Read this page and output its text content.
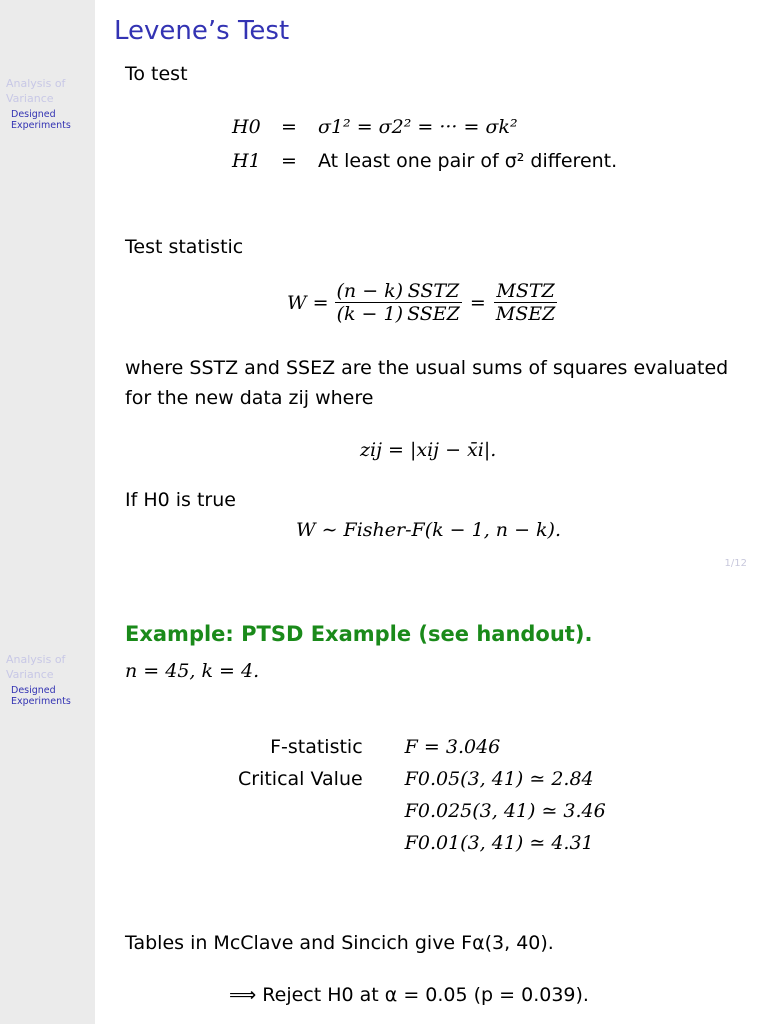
Analysis of Variance
Designed Experiments
Levene’s Test
To test
H0 = σ1² = σ2² = ··· = σk²
H1 = At least one pair of σ² different.
Test statistic
$W = \frac{(n - k)}{(k - 1)} \frac{\text{SSTZ}}{\text{SSEZ}} = \frac{\text{MSTZ}}{\text{MSEZ}}$
where SSTZ and SSEZ are the usual sums of squares evaluated
for the new data zij where
zij = |xij − x̄i|.
If H0 is true
W ∼ Fisher-F(k − 1, n − k).
1/12
Analysis of Variance
Designed Experiments
Example: PTSD Example (see handout).
n = 45, k = 4.
F-statistic	F = 3.046
Critical Value	F0.05(3, 41) ≃ 2.84
	F0.025(3, 41) ≃ 3.46
	F0.01(3, 41) ≃ 4.31
Tables in McClave and Sincich give Fα(3, 40).
⟹ Reject H0 at α = 0.05 (p = 0.039).
